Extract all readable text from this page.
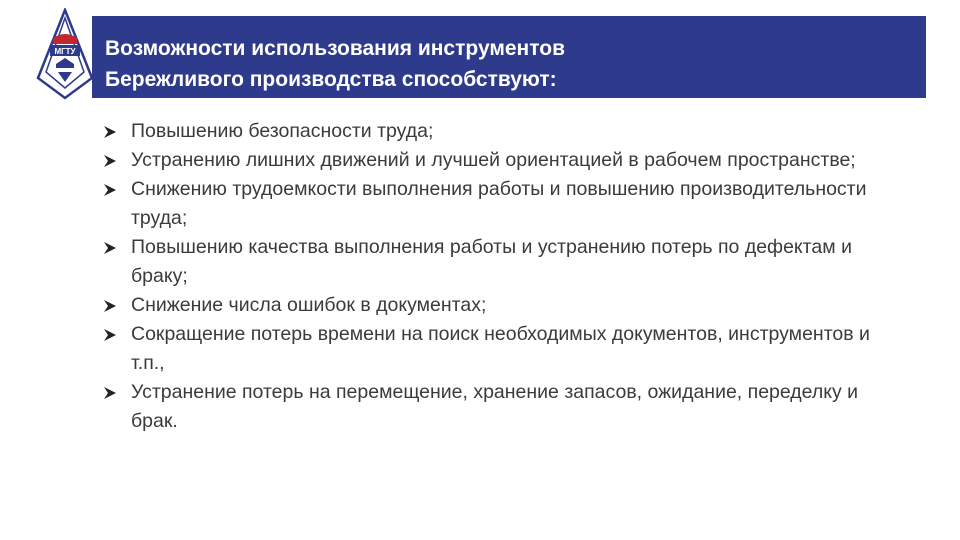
Возможности использования инструментов
Бережливого производства способствуют:
МГТУ
Повышению безопасности труда;
Устранению лишних движений и лучшей ориентацией в рабочем пространстве;
Снижению трудоемкости выполнения работы и повышению производительности труда;
Повышению качества выполнения работы и устранению потерь по дефектам и браку;
Снижение числа ошибок в документах;
Сокращение потерь времени на поиск необходимых документов, инструментов и т.п.,
Устранение потерь на перемещение, хранение запасов, ожидание, переделку и брак.
